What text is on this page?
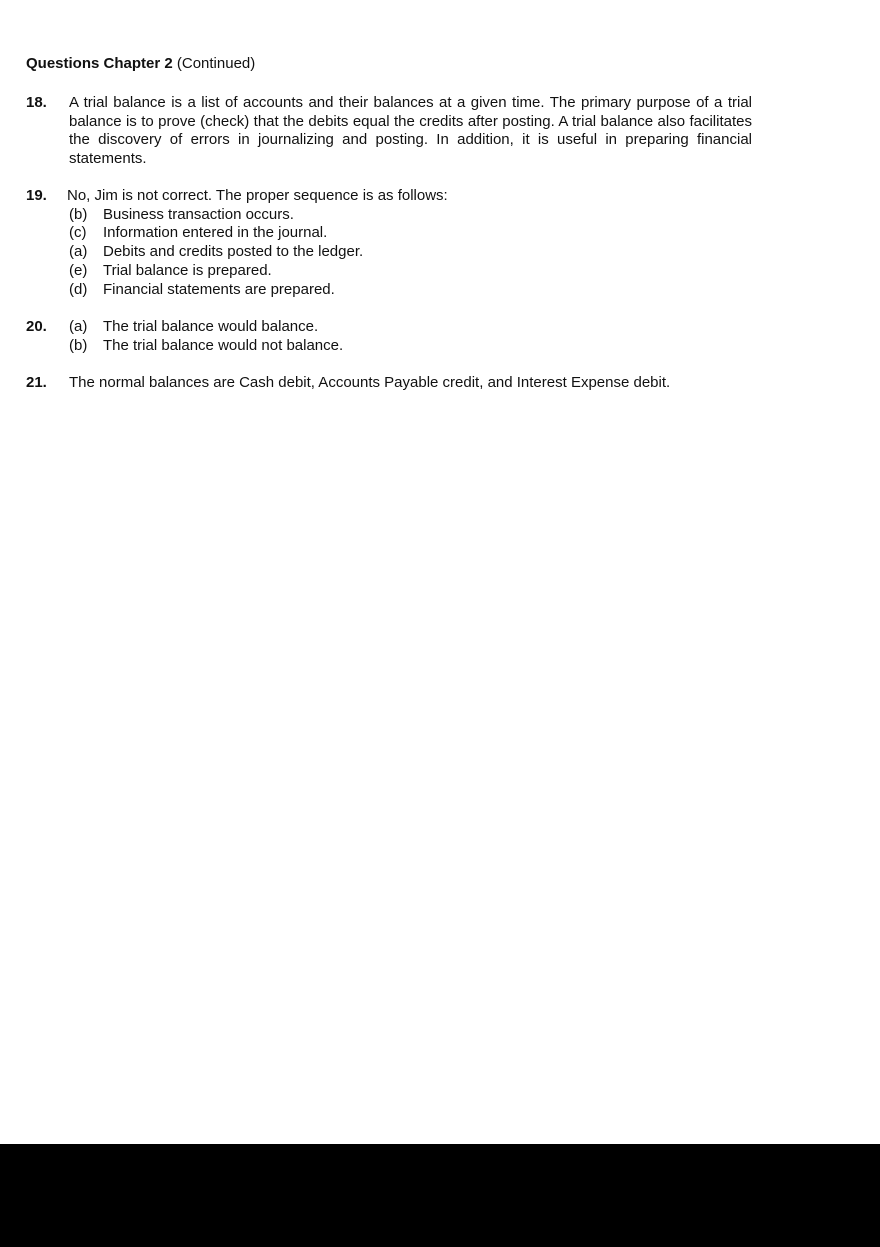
Questions Chapter 2 (Continued)
18. A trial balance is a list of accounts and their balances at a given time. The primary purpose of a trial balance is to prove (check) that the debits equal the credits after posting. A trial balance also facilitates the discovery of errors in journalizing and posting. In addition, it is useful in preparing financial statements.
19. No, Jim is not correct. The proper sequence is as follows:
(b)	Business transaction occurs.
(c)	Information entered in the journal.
(a)	Debits and credits posted to the ledger.
(e)	Trial balance is prepared.
(d)	Financial statements are prepared.
20. (a)	The trial balance would balance.
(b)	The trial balance would not balance.
21. The normal balances are Cash debit, Accounts Payable credit, and Interest Expense debit.
